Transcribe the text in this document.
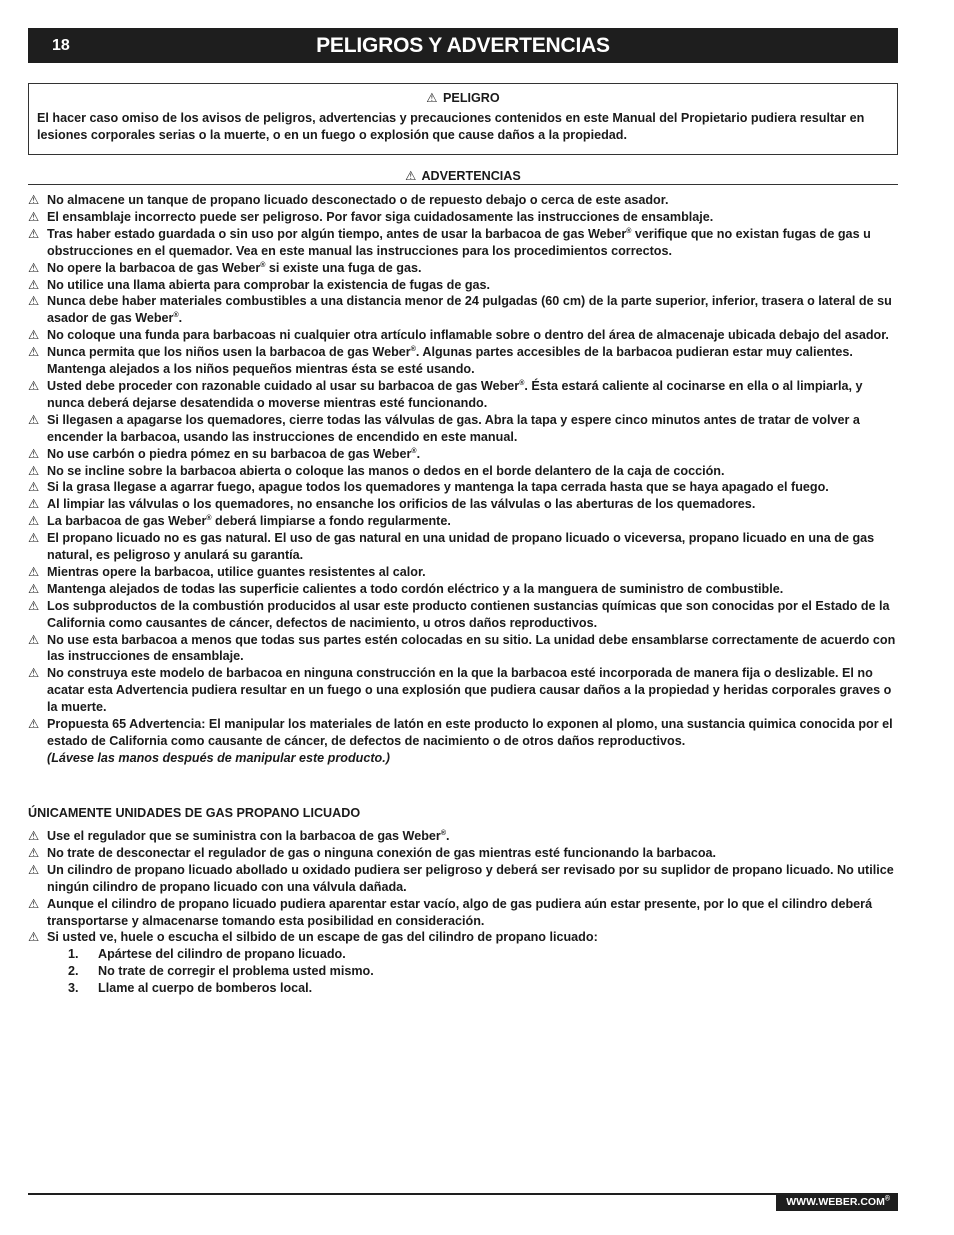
18	PELIGROS Y ADVERTENCIAS
⚠ PELIGRO

El hacer caso omiso de los avisos de peligros, advertencias y precauciones contenidos en este Manual del Propietario pudiera resultar en lesiones corporales serias o la muerte, o en un fuego o explosión que cause daños a la propiedad.

⚠ ADVERTENCIAS
⚠ No almacene un tanque de propano licuado desconectado o de repuesto debajo o cerca de este asador.
⚠ El ensamblaje incorrecto puede ser peligroso. Por favor siga cuidadosamente las instrucciones de ensamblaje.
⚠ Tras haber estado guardada o sin uso por algún tiempo, antes de usar la barbacoa de gas Weber® verifique que no existan fugas de gas u obstrucciones en el quemador. Vea en este manual las instrucciones para los procedimientos correctos.
⚠ No opere la barbacoa de gas Weber® si existe una fuga de gas.
⚠ No utilice una llama abierta para comprobar la existencia de fugas de gas.
⚠ Nunca debe haber materiales combustibles a una distancia menor de 24 pulgadas (60 cm) de la parte superior, inferior, trasera o lateral de su asador de gas Weber®.
⚠ No coloque una funda para barbacoas ni cualquier otra artículo inflamable sobre o dentro del área de almacenaje ubicada debajo del asador.
⚠ Nunca permita que los niños usen la barbacoa de gas Weber®. Algunas partes accesibles de la barbacoa pudieran estar muy calientes. Mantenga alejados a los niños pequeños mientras ésta se esté usando.
⚠ Usted debe proceder con razonable cuidado al usar su barbacoa de gas Weber®. Ésta estará caliente al cocinarse en ella o al limpiarla, y nunca deberá dejarse desatendida o moverse mientras esté funcionando.
⚠ Si llegasen a apagarse los quemadores, cierre todas las válvulas de gas. Abra la tapa y espere cinco minutos antes de tratar de volver a encender la barbacoa, usando las instrucciones de encendido en este manual.
⚠ No use carbón o piedra pómez en su barbacoa de gas Weber®.
⚠ No se incline sobre la barbacoa abierta o coloque las manos o dedos en el borde delantero de la caja de cocción.
⚠ Si la grasa llegase a agarrar fuego, apague todos los quemadores y mantenga la tapa cerrada hasta que se haya apagado el fuego.
⚠ Al limpiar las válvulas o los quemadores, no ensanche los orificios de las válvulas o las aberturas de los quemadores.
⚠ La barbacoa de gas Weber® deberá limpiarse a fondo regularmente.
⚠ El propano licuado no es gas natural. El uso de gas natural en una unidad de propano licuado o viceversa, propano licuado en una de gas natural, es peligroso y anulará su garantía.
⚠ Mientras opere la barbacoa, utilice guantes resistentes al calor.
⚠ Mantenga alejados de todas las superficie calientes a todo cordón eléctrico y a la manguera de suministro de combustible.
⚠ Los subproductos de la combustión producidos al usar este producto contienen sustancias químicas que son conocidas por el Estado de la California como causantes de cáncer, defectos de nacimiento, u otros daños reproductivos.
⚠ No use esta barbacoa a menos que todas sus partes estén colocadas en su sitio. La unidad debe ensamblarse correctamente de acuerdo con las instrucciones de ensamblaje.
⚠ No construya este modelo de barbacoa en ninguna construcción en la que la barbacoa esté incorporada de manera fija o deslizable. El no acatar esta Advertencia pudiera resultar en un fuego o una explosión que pudiera causar daños a la propiedad y heridas corporales graves o la muerte.
⚠ Propuesta 65 Advertencia: El manipular los materiales de latón en este producto lo exponen al plomo, una sustancia quimica conocida por el estado de California como causante de cáncer, de defectos de nacimiento o de otros daños reproductivos.
(Lávese las manos después de manipular este producto.)
ÚNICAMENTE UNIDADES DE GAS PROPANO LICUADO
⚠ Use el regulador que se suministra con la barbacoa de gas Weber®.
⚠ No trate de desconectar el regulador de gas o ninguna conexión de gas mientras esté funcionando la barbacoa.
⚠ Un cilindro de propano licuado abollado u oxidado pudiera ser peligroso y deberá ser revisado por su suplidor de propano licuado. No utilice ningún cilindro de propano licuado con una válvula dañada.
⚠ Aunque el cilindro de propano licuado pudiera aparentar estar vacío, algo de gas pudiera aún estar presente, por lo que el cilindro deberá transportarse y almacenarse tomando esta posibilidad en consideración.
⚠ Si usted ve, huele o escucha el silbido de un escape de gas del cilindro de propano licuado:
1. Apártese del cilindro de propano licuado.
2. No trate de corregir el problema usted mismo.
3. Llame al cuerpo de bomberos local.
WWW.WEBER.COM®
